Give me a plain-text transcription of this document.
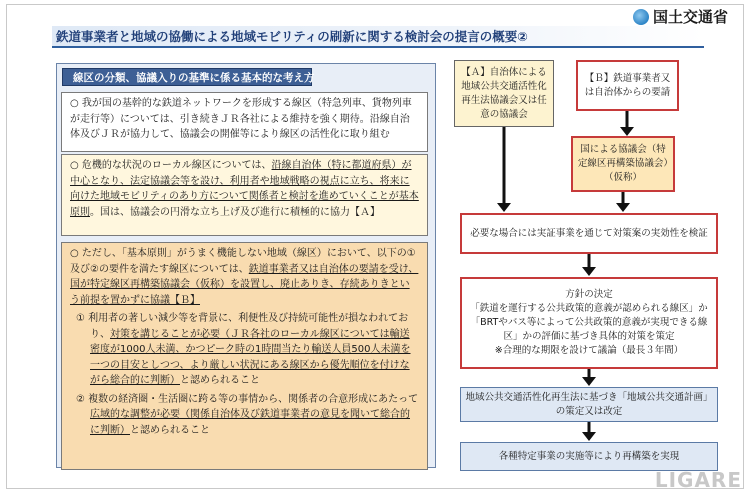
国土交通省
鉄道事業者と地域の協働による地域モビリティの刷新に関する検討会の提言の概要②
線区の分類、協議入りの基準に係る基本的な考え方
○ 我が国の基幹的な鉄道ネットワークを形成する線区（特急列車、貨物列車が走行等）については、引き続きＪＲ各社による維持を強く期待。沿線自治体及びＪＲが協力して、協議会の開催等により線区の活性化に取り組む
○ 危機的な状況のローカル線区については、沿線自治体（特に都道府県）が中心となり、法定協議会等を設け、利用者や地域戦略の視点に立ち、将来に向けた地域モビリティのあり方について関係者と検討を進めていくことが基本原則。国は、協議会の円滑な立ち上げ及び進行に積極的に協力【Ａ】
○ ただし、「基本原則」がうまく機能しない地域（線区）において、以下の①及び②の要件を満たす線区については、鉄道事業者又は自治体の要請を受け、国が特定線区再構築協議会（仮称）を設置し、廃止ありき、存続ありきという前提を置かずに協議【Ｂ】
① 利用者の著しい減少等を背景に、利便性及び持続可能性が損なわれており、対策を講じることが必要（ＪＲ各社のローカル線区については輸送密度が1000人未満、かつピーク時の1時間当たり輸送人員500人未満を一つの目安としつつ、より厳しい状況にある線区から優先順位を付けながら総合的に判断）と認められること
② 複数の経済圏・生活圏に跨る等の事情から、関係者の合意形成にあたって広域的な調整が必要（関係自治体及び鉄道事業者の意見を聞いて総合的に判断）と認められること
【Ａ】自治体による地域公共交通活性化再生法協議会又は任意の協議会
【Ｂ】鉄道事業者又は自治体からの要請
国による協議会（特定線区再構築協議会）（仮称）
必要な場合には実証事業を通じて対策案の実効性を検証
方針の決定
「鉄道を運行する公共政策的意義が認められる線区」か「BRTやバス等によって公共政策的意義が実現できる線区」かの評価に基づき具体的対策を策定
※合理的な期限を設けて議論（最長３年間）
地域公共交通活性化再生法に基づき「地域公共交通計画」の策定又は改定
各種特定事業の実施等により再構築を実現
LIGARE
